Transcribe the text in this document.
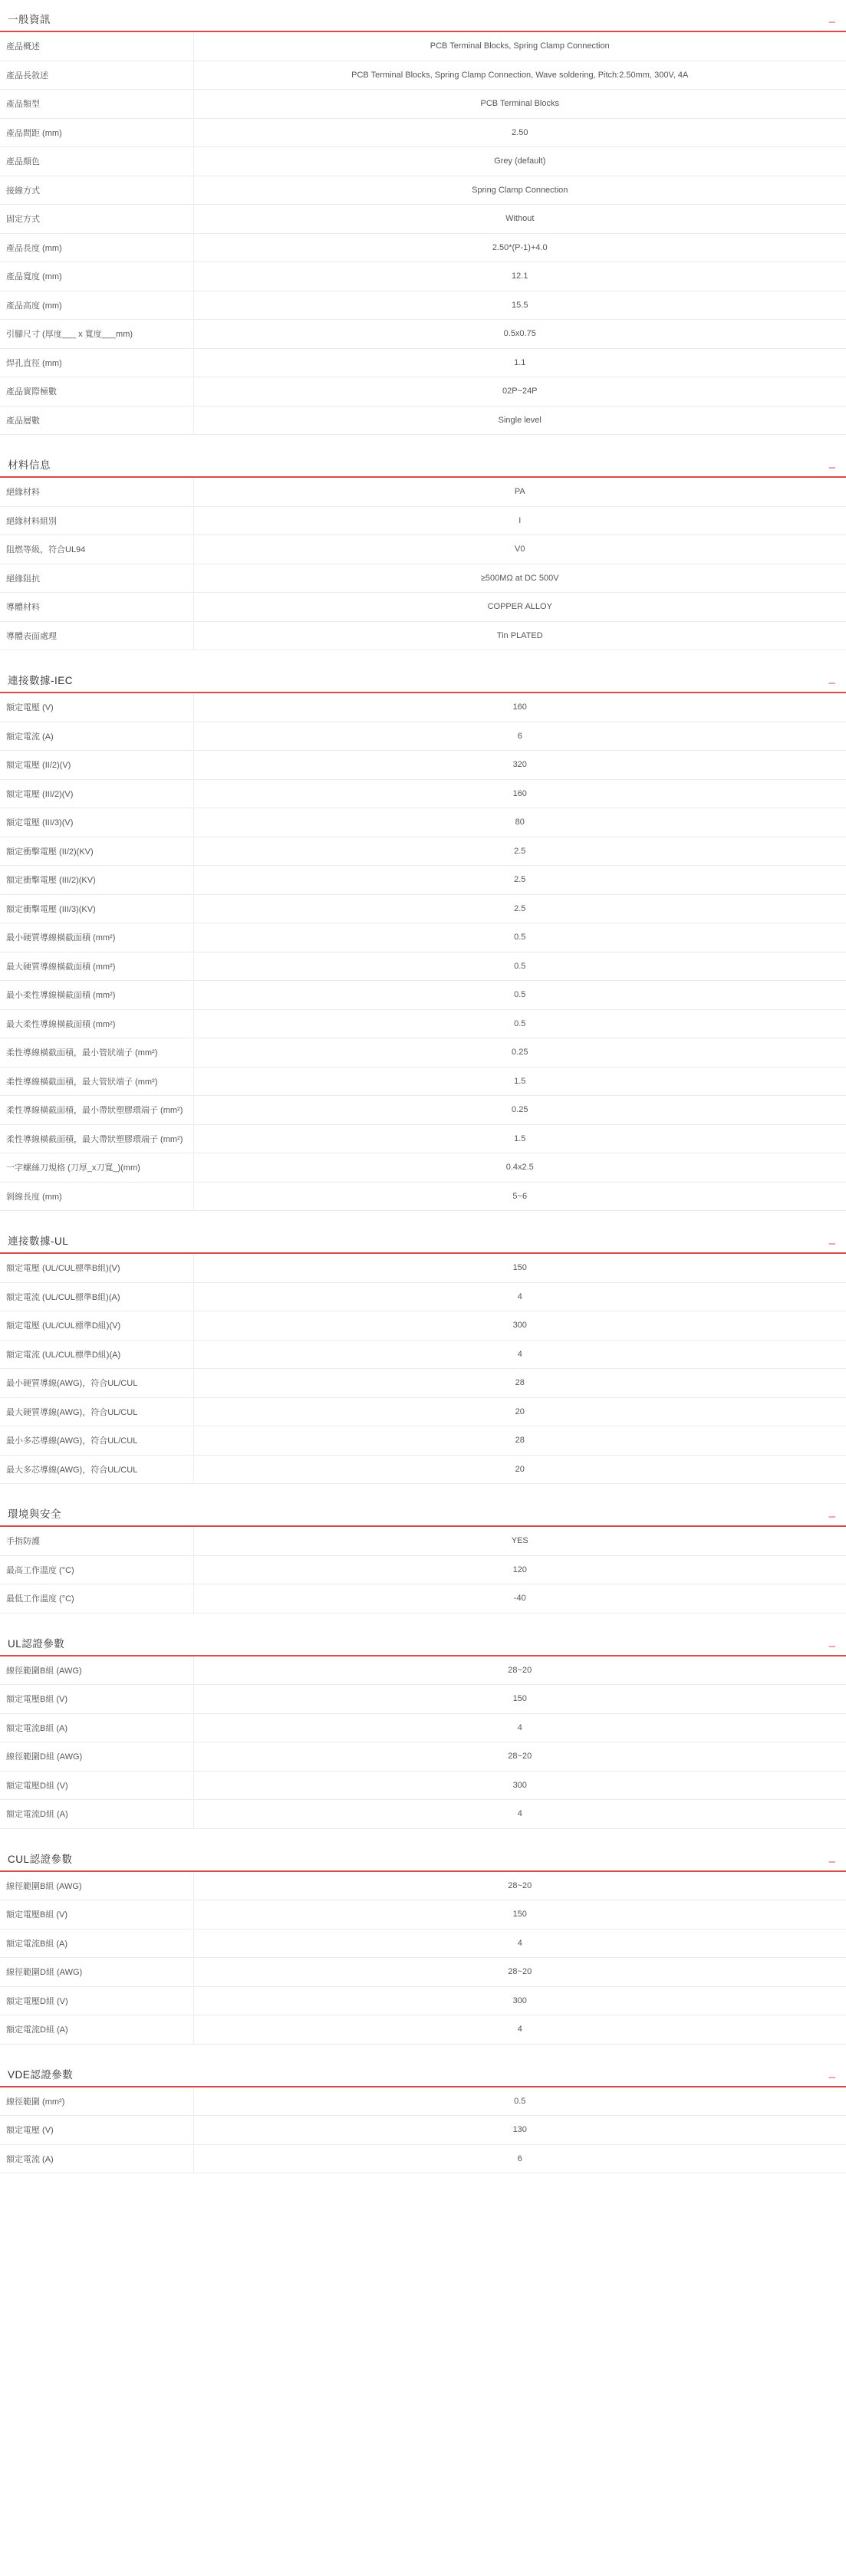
一般資訊	–
產品概述	PCB Terminal Blocks, Spring Clamp Connection
產品長敘述	PCB Terminal Blocks, Spring Clamp Connection, Wave soldering, Pitch:2.50mm, 300V, 4A
產品類型	PCB Terminal Blocks
產品間距 (mm)	2.50
產品顏色	Grey (default)
接線方式	Spring Clamp Connection
固定方式	Without
產品長度 (mm)	2.50*(P-1)+4.0
產品寬度 (mm)	12.1
產品高度 (mm)	15.5
引腳尺寸 (厚度___ x 寬度___mm)	0.5x0.75
焊孔直徑 (mm)	1.1
產品實際極數	02P~24P
產品層數	Single level
材料信息	–
絕緣材料	PA
絕緣材料組別	I
阻燃等級，符合UL94	V0
絕緣阻抗	≥500MΩ at DC 500V
導體材料	COPPER ALLOY
導體表面處理	Tin PLATED
連接數據-IEC	–
額定電壓 (V)	160
額定電流 (A)	6
額定電壓 (II/2)(V)	320
額定電壓 (III/2)(V)	160
額定電壓 (III/3)(V)	80
額定衝擊電壓 (II/2)(KV)	2.5
額定衝擊電壓 (III/2)(KV)	2.5
額定衝擊電壓 (III/3)(KV)	2.5
最小硬質導線橫截面積 (mm²)	0.5
最大硬質導線橫截面積 (mm²)	0.5
最小柔性導線橫截面積 (mm²)	0.5
最大柔性導線橫截面積 (mm²)	0.5
柔性導線橫截面積，最小管狀端子 (mm²)	0.25
柔性導線橫截面積，最大管狀端子 (mm²)	1.5
柔性導線橫截面積，最小帶狀塑膠環端子 (mm²)	0.25
柔性導線橫截面積，最大帶狀塑膠環端子 (mm²)	1.5
一字螺絲刀規格 (刀厚_x刀寬_)(mm)	0.4x2.5
剝線長度 (mm)	5~6
連接數據-UL	–
額定電壓 (UL/CUL標準B組)(V)	150
額定電流 (UL/CUL標準B組)(A)	4
額定電壓 (UL/CUL標準D組)(V)	300
額定電流 (UL/CUL標準D組)(A)	4
最小硬質導線(AWG)，符合UL/CUL	28
最大硬質導線(AWG)，符合UL/CUL	20
最小多芯導線(AWG)，符合UL/CUL	28
最大多芯導線(AWG)，符合UL/CUL	20
環境與安全	–
手指防護	YES
最高工作溫度 (°C)	120
最低工作溫度 (°C)	-40
UL認證參數	–
線徑範圍B組 (AWG)	28~20
額定電壓B組 (V)	150
額定電流B組 (A)	4
線徑範圍D組 (AWG)	28~20
額定電壓D組 (V)	300
額定電流D組 (A)	4
CUL認證參數	–
線徑範圍B組 (AWG)	28~20
額定電壓B組 (V)	150
額定電流B組 (A)	4
線徑範圍D組 (AWG)	28~20
額定電壓D組 (V)	300
額定電流D組 (A)	4
VDE認證參數	–
線徑範圍 (mm²)	0.5
額定電壓 (V)	130
額定電流 (A)	6
